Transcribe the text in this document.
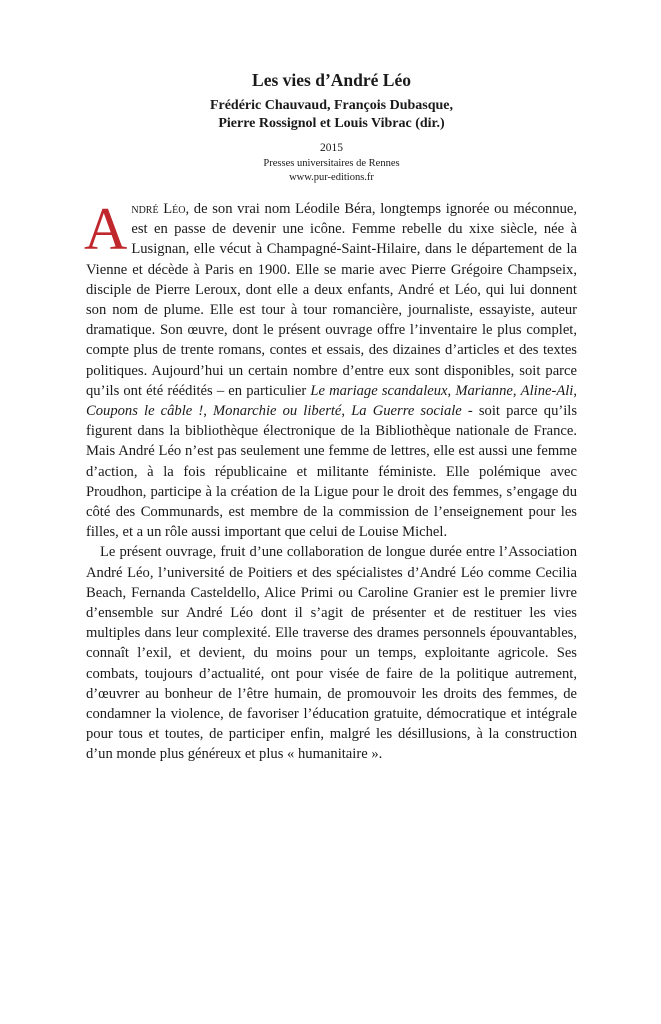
Les vies d’André Léo
Frédéric Chauvaud, François Dubasque,
Pierre Rossignol et Louis Vibrac (dir.)
2015
Presses universitaires de Rennes
www.pur-editions.fr

André Léo, de son vrai nom Léodile Béra, longtemps ignorée ou méconnue, est en passe de devenir une icône. Femme rebelle du xixe siècle, née à Lusignan, elle vécut à Champagné-Saint-Hilaire, dans le département de la Vienne et décède à Paris en 1900. Elle se marie avec Pierre Grégoire Champseix, disciple de Pierre Leroux, dont elle a deux enfants, André et Léo, qui lui donnent son nom de plume. Elle est tour à tour romancière, journaliste, essayiste, auteur dramatique. Son œuvre, dont le présent ouvrage offre l’inventaire le plus complet, compte plus de trente romans, contes et essais, des dizaines d’articles et des textes politiques. Aujourd’hui un certain nombre d’entre eux sont disponibles, soit parce qu’ils ont été réédités – en particulier Le mariage scandaleux, Marianne, Aline-Ali, Coupons le câble !, Monarchie ou liberté, La Guerre sociale - soit parce qu’ils figurent dans la bibliothèque électronique de la Bibliothèque nationale de France. Mais André Léo n’est pas seulement une femme de lettres, elle est aussi une femme d’action, à la fois républicaine et militante féministe. Elle polémique avec Proudhon, participe à la création de la Ligue pour le droit des femmes, s’engage du côté des Communards, est membre de la commission de l’enseignement pour les filles, et a un rôle aussi important que celui de Louise Michel.

Le présent ouvrage, fruit d’une collaboration de longue durée entre l’Association André Léo, l’université de Poitiers et des spécialistes d’André Léo comme Cecilia Beach, Fernanda Casteldello, Alice Primi ou Caroline Granier est le premier livre d’ensemble sur André Léo dont il s’agit de présenter et de restituer les vies multiples dans leur complexité. Elle traverse des drames personnels épouvantables, connaît l’exil, et devient, du moins pour un temps, exploitante agricole. Ses combats, toujours d’actualité, ont pour visée de faire de la politique autrement, d’œuvrer au bonheur de l’être humain, de promouvoir les droits des femmes, de condamner la violence, de favoriser l’éducation gratuite, démocratique et intégrale pour tous et toutes, de participer enfin, malgré les désillusions, à la construction d’un monde plus généreux et plus « humanitaire ».
